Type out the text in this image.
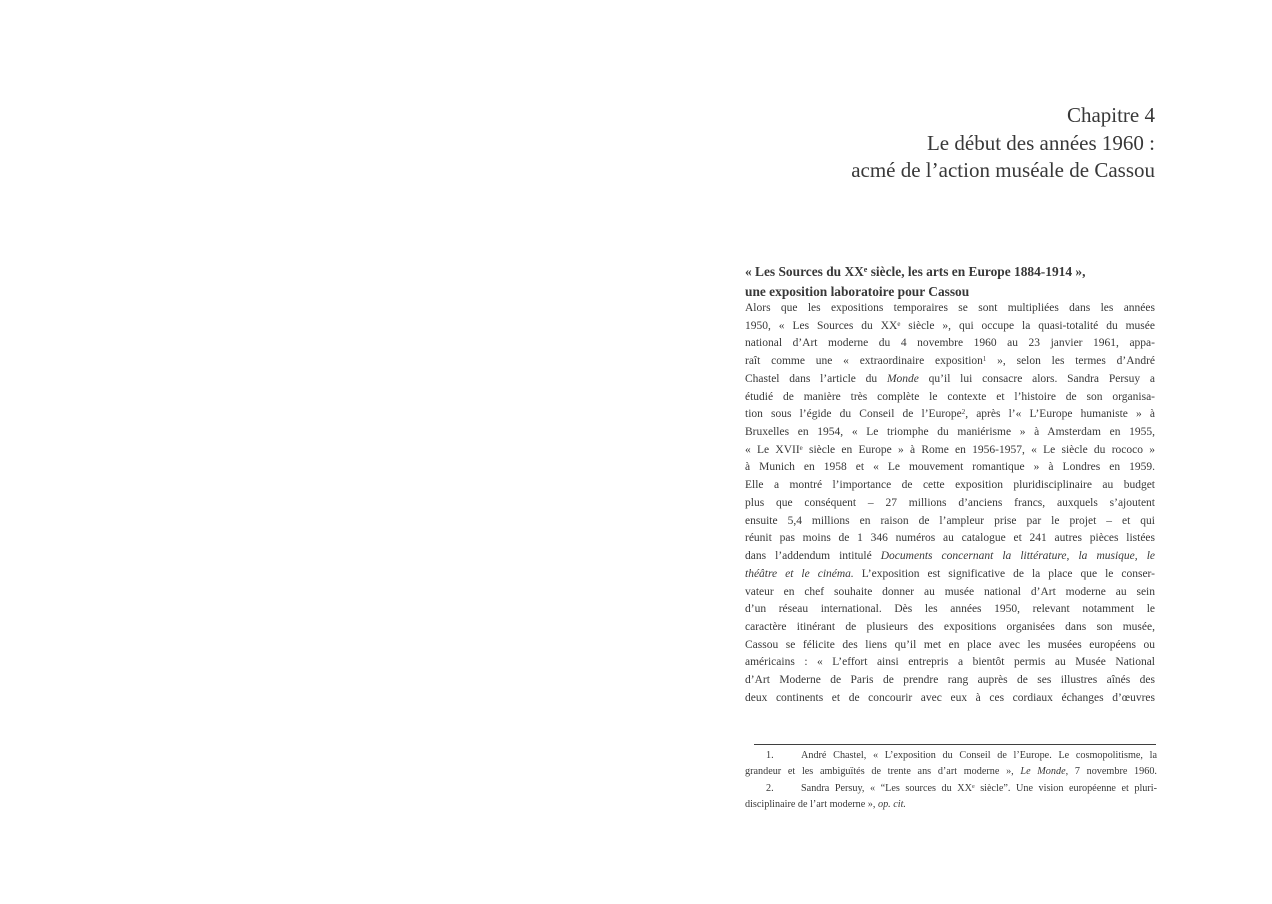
Chapitre 4
Le début des années 1960 :
acmé de l’action muséale de Cassou
« Les Sources du XXe siècle, les arts en Europe 1884-1914 »,
une exposition laboratoire pour Cassou
Alors que les expositions temporaires se sont multipliées dans les années
1950, « Les Sources du XXe siècle », qui occupe la quasi-totalité du musée
national d’Art moderne du 4 novembre 1960 au 23 janvier 1961, appa-
raît comme une « extraordinaire exposition$^1$ », selon les termes d’André
Chastel dans l’article du Monde qu’il lui consacre alors. Sandra Persuy a
étudié de manière très complète le contexte et l’histoire de son organisa-
tion sous l’égide du Conseil de l’Europe$^2$, après l’« L’Europe humaniste » à
Bruxelles en 1954, « Le triomphe du maniérisme » à Amsterdam en 1955,
« Le XVIIe siècle en Europe » à Rome en 1956-1957, « Le siècle du rococo »
à Munich en 1958 et « Le mouvement romantique » à Londres en 1959.
Elle a montré l’importance de cette exposition pluridisciplinaire au budget
plus que conséquent – 27 millions d’anciens francs, auxquels s’ajoutent
ensuite 5,4 millions en raison de l’ampleur prise par le projet – et qui
réunit pas moins de 1 346 numéros au catalogue et 241 autres pièces listées
dans l’addendum intitulé Documents concernant la littérature, la musique, le
théâtre et le cinéma. L’exposition est significative de la place que le conser-
vateur en chef souhaite donner au musée national d’Art moderne au sein
d’un réseau international. Dès les années 1950, relevant notamment le
caractère itinérant de plusieurs des expositions organisées dans son musée,
Cassou se félicite des liens qu’il met en place avec les musées européens ou
américains : « L’effort ainsi entrepris a bientôt permis au Musée National
d’Art Moderne de Paris de prendre rang auprès de ses illustres aînés des
deux continents et de concourir avec eux à ces cordiaux échanges d’œuvres
1.	André Chastel, « L’exposition du Conseil de l’Europe. Le cosmopolitisme, la
grandeur et les ambiguïtés de trente ans d’art moderne », Le Monde, 7 novembre 1960.
2.	Sandra Persuy, « “Les sources du XXe siècle”. Une vision européenne et pluri-
disciplinaire de l’art moderne », op. cit.
